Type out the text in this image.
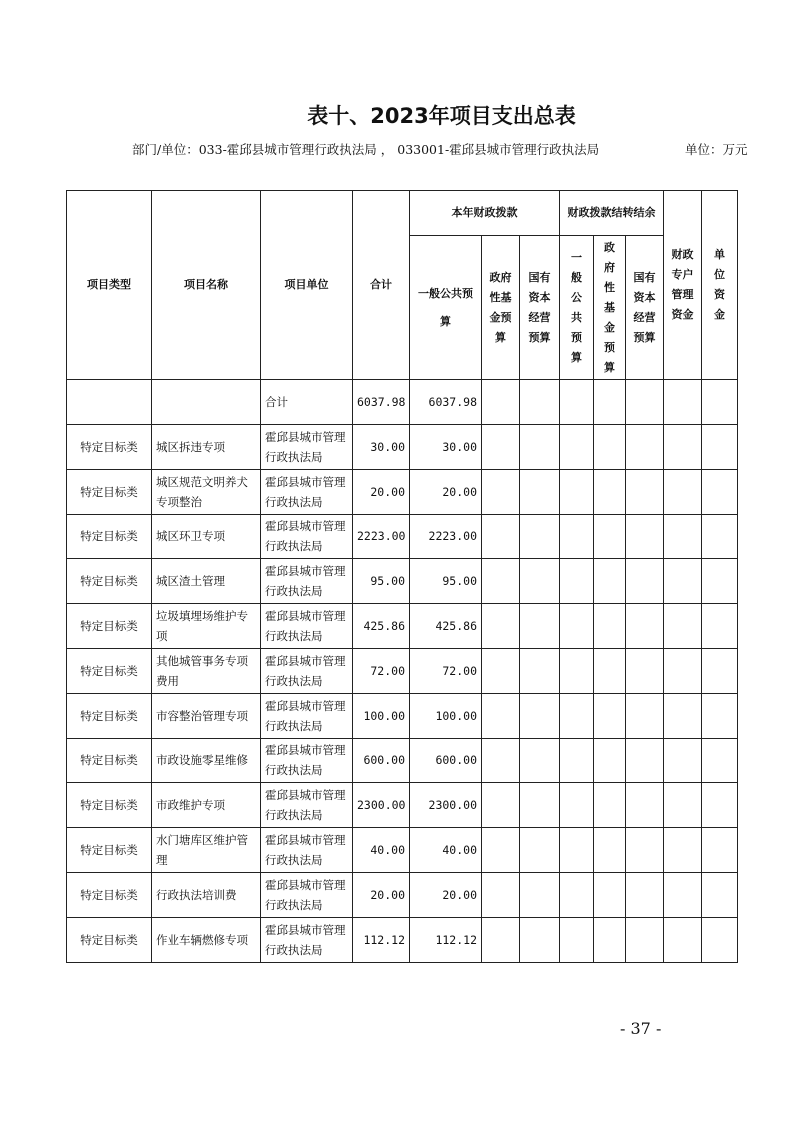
表十、2023年项目支出总表
部门/单位：033-霍邱县城市管理行政执法局 ， 033001-霍邱县城市管理行政执法局	单位：万元
项目类型	项目名称	项目单位	合计	本年财政拨款			财政拨款结转结余			财政专户管理资金	单位资金

				一般公共预算	政府性基金预算	国有资本经营预算	一般公共预算	政府性基金预算	国有资本经营预算		

		合计	6037.98	6037.98							
特定目标类	城区拆违专项	霍邱县城市管理行政执法局	30.00	30.00							
特定目标类	城区规范文明养犬专项整治	霍邱县城市管理行政执法局	20.00	20.00							
特定目标类	城区环卫专项	霍邱县城市管理行政执法局	2223.00	2223.00							
特定目标类	城区渣土管理	霍邱县城市管理行政执法局	95.00	95.00							
特定目标类	垃圾填埋场维护专项	霍邱县城市管理行政执法局	425.86	425.86							
特定目标类	其他城管事务专项费用	霍邱县城市管理行政执法局	72.00	72.00							
特定目标类	市容整治管理专项	霍邱县城市管理行政执法局	100.00	100.00							
特定目标类	市政设施零星维修	霍邱县城市管理行政执法局	600.00	600.00							
特定目标类	市政维护专项	霍邱县城市管理行政执法局	2300.00	2300.00							
特定目标类	水门塘库区维护管理	霍邱县城市管理行政执法局	40.00	40.00							
特定目标类	行政执法培训费	霍邱县城市管理行政执法局	20.00	20.00							
特定目标类	作业车辆燃修专项	霍邱县城市管理行政执法局	112.12	112.12							
- 37 -
